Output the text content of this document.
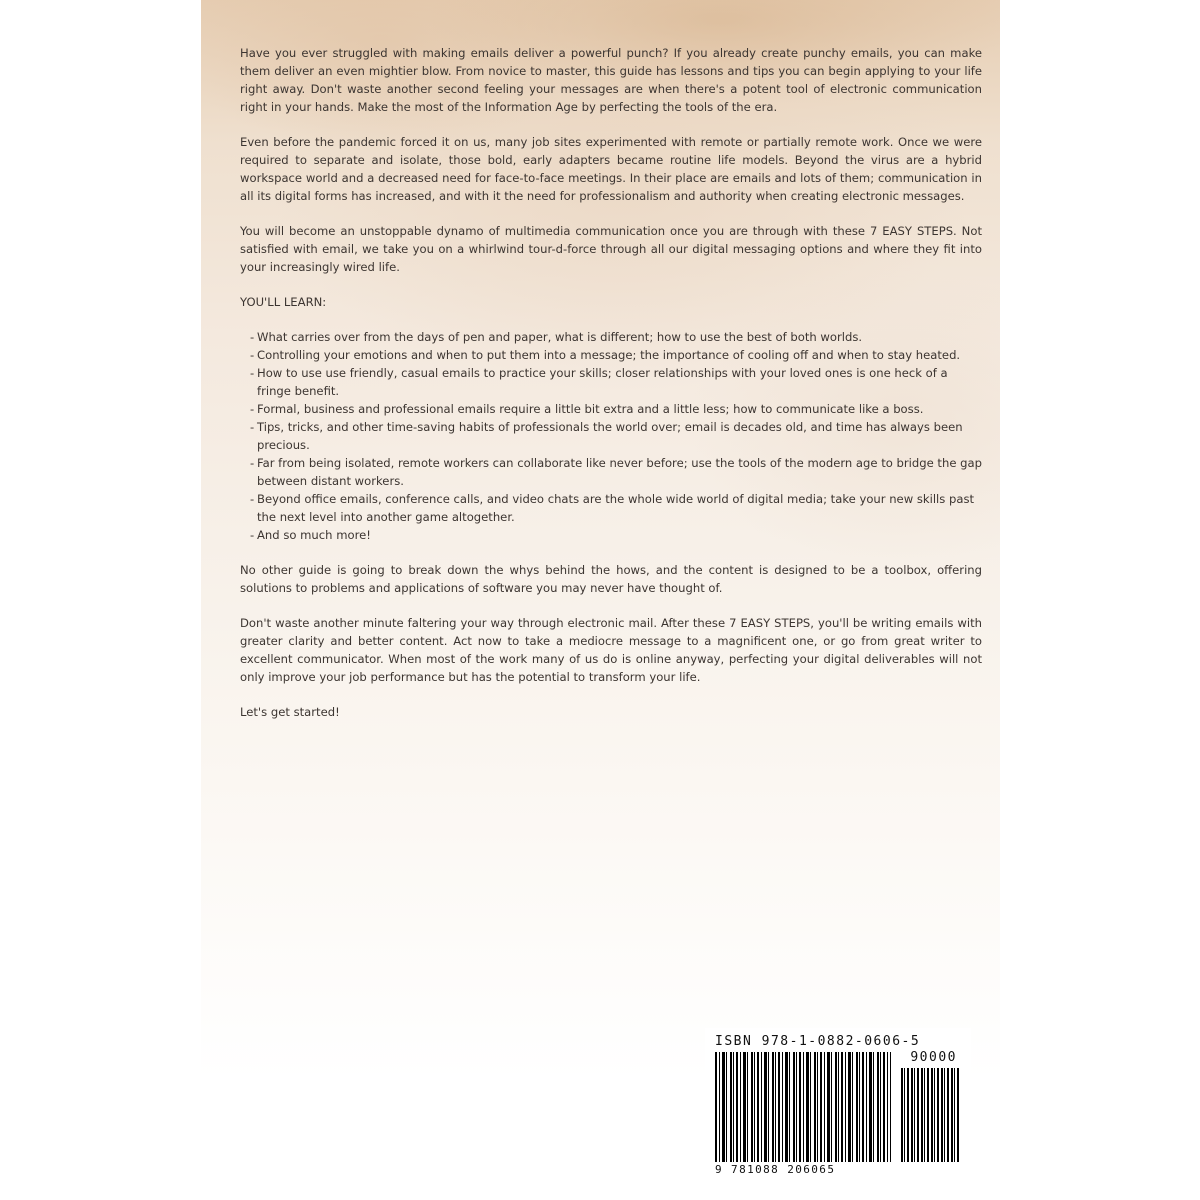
Have you ever struggled with making emails deliver a powerful punch? If you already create punchy emails, you can make them deliver an even mightier blow. From novice to master, this guide has lessons and tips you can begin applying to your life right away. Don't waste another second feeling your messages are when there's a potent tool of electronic communication right in your hands. Make the most of the Information Age by perfecting the tools of the era.

Even before the pandemic forced it on us, many job sites experimented with remote or partially remote work. Once we were required to separate and isolate, those bold, early adapters became routine life models. Beyond the virus are a hybrid workspace world and a decreased need for face-to-face meetings. In their place are emails and lots of them; communication in all its digital forms has increased, and with it the need for professionalism and authority when creating electronic messages.

You will become an unstoppable dynamo of multimedia communication once you are through with these 7 EASY STEPS. Not satisfied with email, we take you on a whirlwind tour-d-force through all our digital messaging options and where they fit into your increasingly wired life.

YOU'LL LEARN:

- What carries over from the days of pen and paper, what is different; how to use the best of both worlds.
- Controlling your emotions and when to put them into a message; the importance of cooling off and when to stay heated.
- How to use use friendly, casual emails to practice your skills; closer relationships with your loved ones is one heck of a fringe benefit.
- Formal, business and professional emails require a little bit extra and a little less; how to communicate like a boss.
- Tips, tricks, and other time-saving habits of professionals the world over; email is decades old, and time has always been precious.
- Far from being isolated, remote workers can collaborate like never before; use the tools of the modern age to bridge the gap between distant workers.
- Beyond office emails, conference calls, and video chats are the whole wide world of digital media; take your new skills past the next level into another game altogether.
- And so much more!

No other guide is going to break down the whys behind the hows, and the content is designed to be a toolbox, offering solutions to problems and applications of software you may never have thought of.

Don't waste another minute faltering your way through electronic mail. After these 7 EASY STEPS, you'll be writing emails with greater clarity and better content. Act now to take a mediocre message to a magnificent one, or go from great writer to excellent communicator. When most of the work many of us do is online anyway, perfecting your digital deliverables will not only improve your job performance but has the potential to transform your life.

Let's get started!

ISBN 978-1-0882-0606-5
90000
9 781088 206065
